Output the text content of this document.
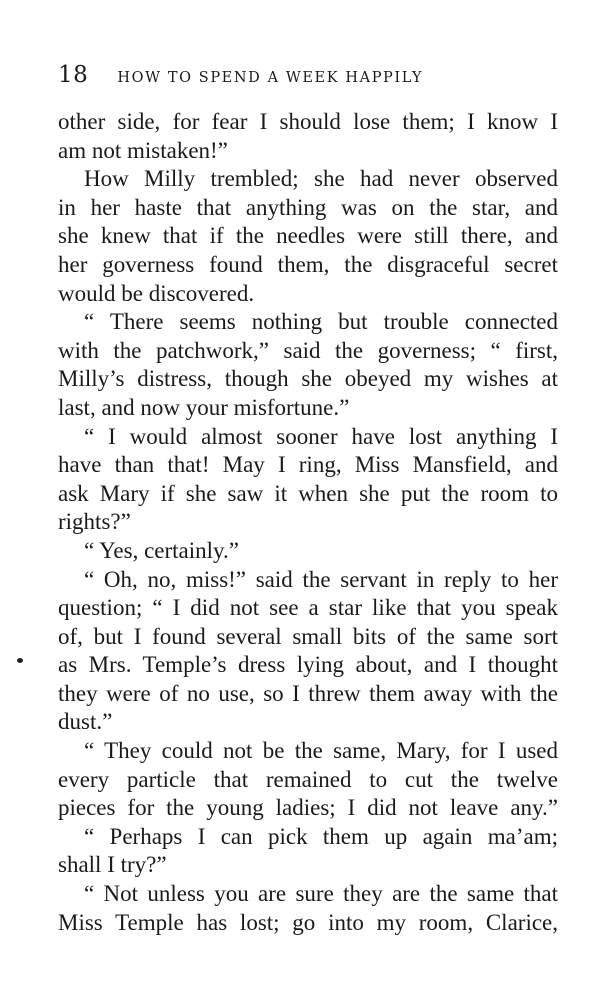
18 HOW TO SPEND A WEEK HAPPILY
other side, for fear I should lose them; I know I
am not mistaken!”
How Milly trembled; she had never observed
in her haste that anything was on the star, and
she knew that if the needles were still there, and
her governess found them, the disgraceful secret
would be discovered.
“ There seems nothing but trouble connected
with the patchwork,” said the governess; “ first,
Milly’s distress, though she obeyed my wishes at
last, and now your misfortune.”
“ I would almost sooner have lost anything I
have than that! May I ring, Miss Mansfield, and
ask Mary if she saw it when she put the room to
rights?”
“ Yes, certainly.”
“ Oh, no, miss!” said the servant in reply to her
question; “ I did not see a star like that you speak
of, but I found several small bits of the same sort
as Mrs. Temple’s dress lying about, and I thought
they were of no use, so I threw them away with the
dust.”
“ They could not be the same, Mary, for I used
every particle that remained to cut the twelve
pieces for the young ladies; I did not leave any.”
“ Perhaps I can pick them up again ma’am;
shall I try?”
“ Not unless you are sure they are the same that
Miss Temple has lost; go into my room, Clarice,
